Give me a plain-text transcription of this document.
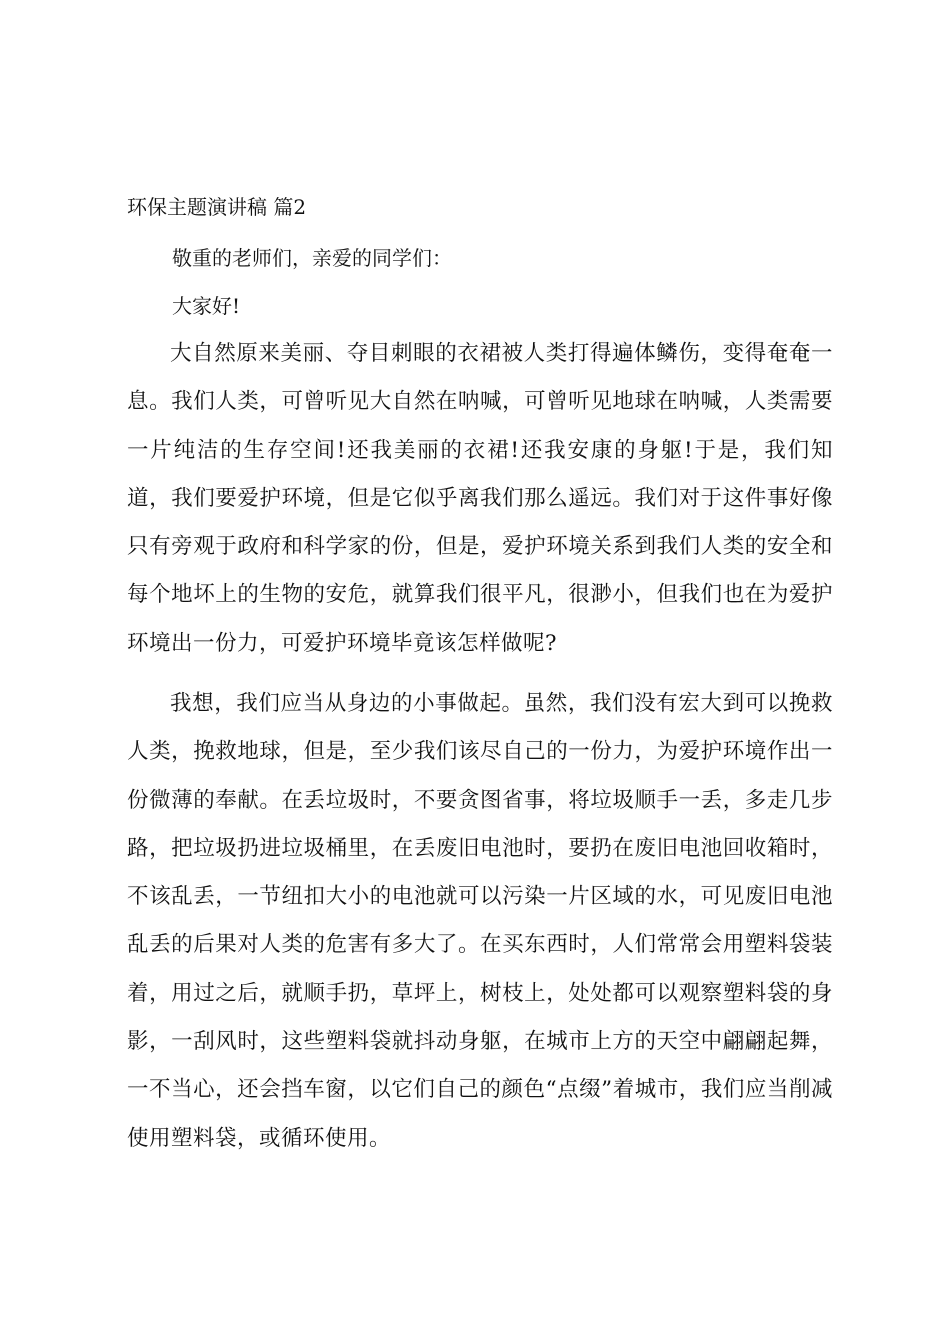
环保主题演讲稿 篇2
敬重的老师们，亲爱的同学们：
大家好!

大自然原来美丽、夺目刺眼的衣裙被人类打得遍体鳞伤，变得奄奄一息。我们人类，可曾听见大自然在呐喊，可曾听见地球在呐喊，人类需要一片纯洁的生存空间!还我美丽的衣裙!还我安康的身躯!于是，我们知道，我们要爱护环境，但是它似乎离我们那么遥远。我们对于这件事好像只有旁观于政府和科学家的份，但是，爱护环境关系到我们人类的安全和每个地坏上的生物的安危，就算我们很平凡，很渺小，但我们也在为爱护环境出一份力，可爱护环境毕竟该怎样做呢?

我想，我们应当从身边的小事做起。虽然，我们没有宏大到可以挽救人类，挽救地球，但是，至少我们该尽自己的一份力，为爱护环境作出一份微薄的奉献。在丢垃圾时，不要贪图省事，将垃圾顺手一丢，多走几步路，把垃圾扔进垃圾桶里，在丢废旧电池时，要扔在废旧电池回收箱时，不该乱丢，一节纽扣大小的电池就可以污染一片区域的水，可见废旧电池乱丢的后果对人类的危害有多大了。在买东西时，人们常常会用塑料袋装着，用过之后，就顺手扔，草坪上，树枝上，处处都可以观察塑料袋的身影，一刮风时，这些塑料袋就抖动身躯，在城市上方的天空中翩翩起舞，一不当心，还会挡车窗，以它们自己的颜色“点缀”着城市，我们应当削减使用塑料袋，或循环使用。
